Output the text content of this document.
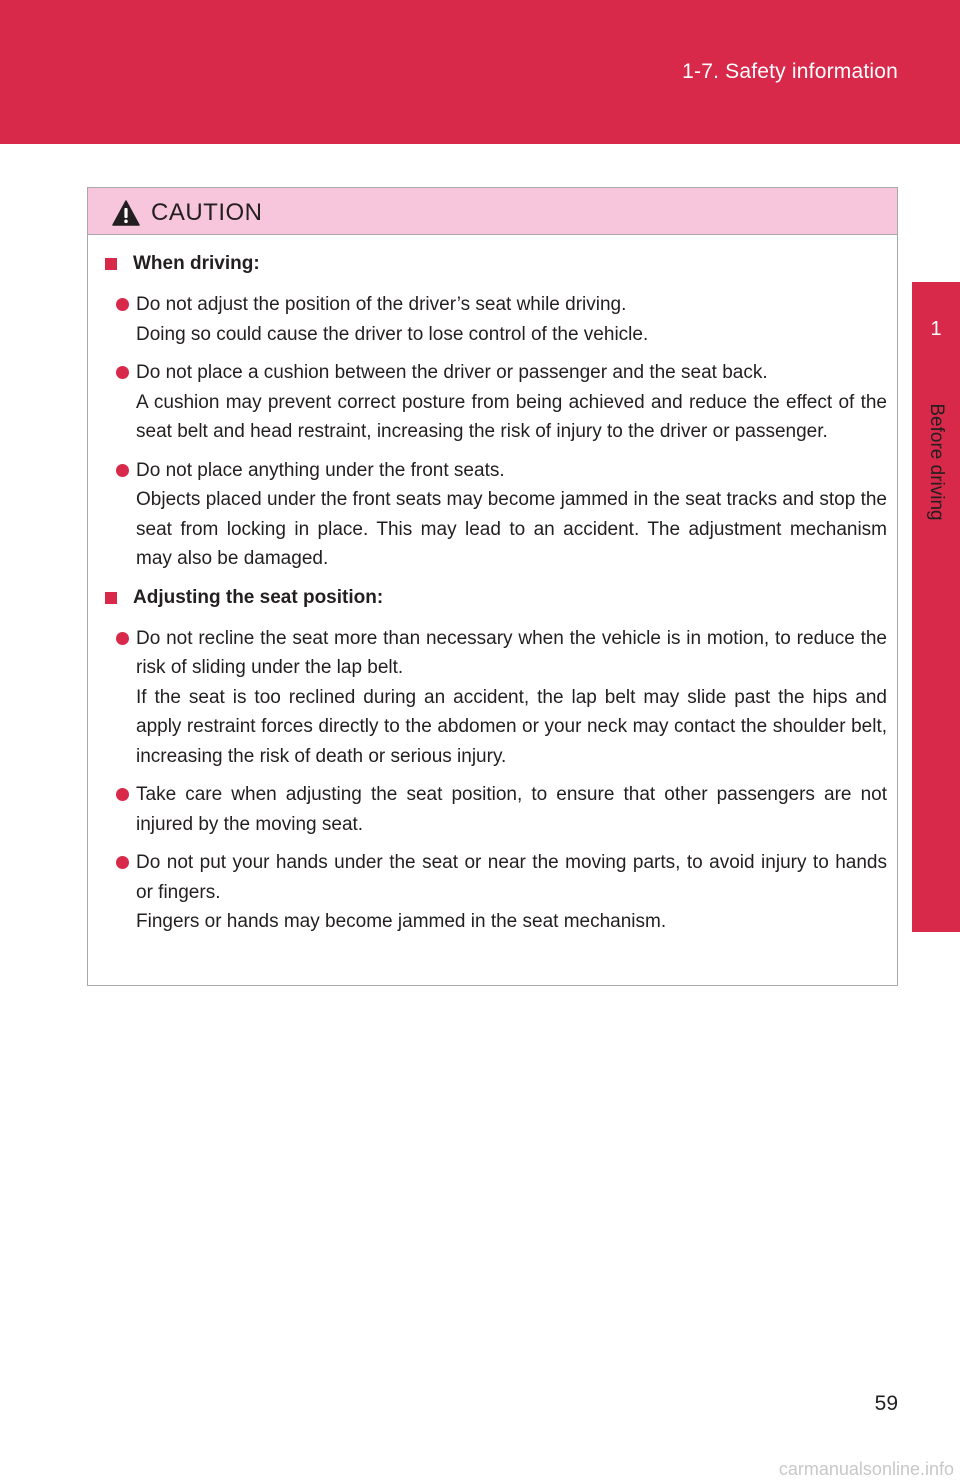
1-7. Safety information
1
Before driving
CAUTION
When driving:

Do not adjust the position of the driver’s seat while driving.

Doing so could cause the driver to lose control of the vehicle.

Do not place a cushion between the driver or passenger and the seat back.

A cushion may prevent correct posture from being achieved and reduce the effect of the seat belt and head restraint, increasing the risk of injury to the driver or passenger.

Do not place anything under the front seats.

Objects placed under the front seats may become jammed in the seat tracks and stop the seat from locking in place. This may lead to an accident. The adjustment mechanism may also be damaged.

Adjusting the seat position:

Do not recline the seat more than necessary when the vehicle is in motion, to reduce the risk of sliding under the lap belt.

If the seat is too reclined during an accident, the lap belt may slide past the hips and apply restraint forces directly to the abdomen or your neck may contact the shoulder belt, increasing the risk of death or serious injury.

Take care when adjusting the seat position, to ensure that other passengers are not injured by the moving seat.

Do not put your hands under the seat or near the moving parts, to avoid injury to hands or fingers.

Fingers or hands may become jammed in the seat mechanism.

59
carmanualsonline.info
